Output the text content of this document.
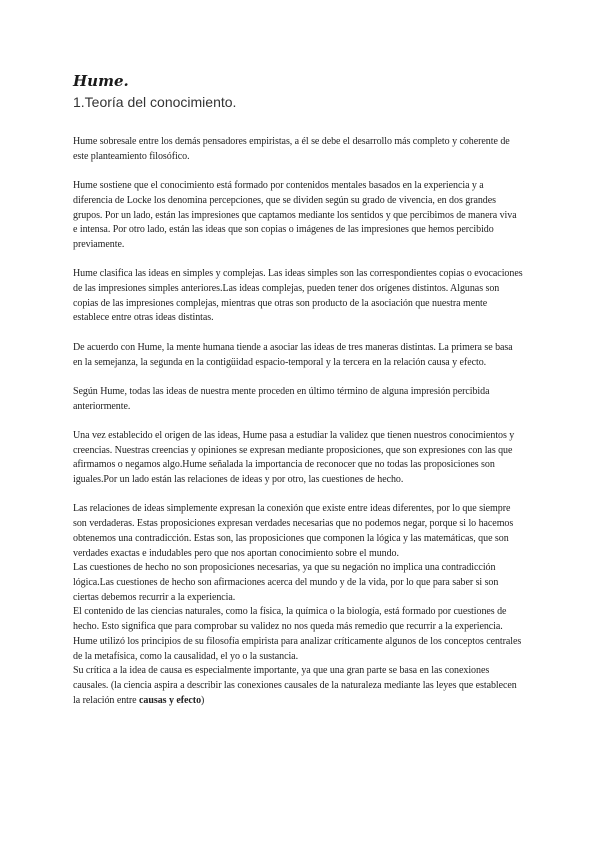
Hume.
1.Teoría del conocimiento.

Hume sobresale entre los demás pensadores empiristas, a él se debe el desarrollo más completo y coherente de este planteamiento filosófico.

Hume sostiene que el conocimiento está formado por contenidos mentales basados en la experiencia y a diferencia de Locke los denomina percepciones, que se dividen según su grado de vivencia, en dos grandes grupos. Por un lado, están las impresiones que captamos mediante los sentidos y que percibimos de manera viva e intensa. Por otro lado, están las ideas que son copias o imágenes de las impresiones que hemos percibido previamente.

Hume clasifica las ideas en simples y complejas. Las ideas simples son las correspondientes copias o evocaciones de las impresiones simples anteriores.Las ideas complejas, pueden tener dos orígenes distintos. Algunas son copias de las impresiones complejas, mientras que otras son producto de la asociación que nuestra mente establece entre otras ideas distintas.

De acuerdo con Hume, la mente humana tiende a asociar las ideas de tres maneras distintas. La primera se basa en la semejanza, la segunda en la contigüidad espacio-temporal y la tercera en la relación causa y efecto.

Según Hume, todas las ideas de nuestra mente proceden en último término de alguna impresión percibida anteriormente.

Una vez establecido el origen de las ideas, Hume pasa a estudiar la validez que tienen nuestros conocimientos y creencias. Nuestras creencias y opiniones se expresan mediante proposiciones, que son expresiones con las que afirmamos o negamos algo.Hume señalada la importancia de reconocer que no todas las proposiciones son iguales.Por un lado están las relaciones de ideas y por otro, las cuestiones de hecho.

Las relaciones de ideas simplemente expresan la conexión que existe entre ideas diferentes, por lo que siempre son verdaderas. Estas proposiciones expresan verdades necesarias que no podemos negar, porque si lo hacemos obtenemos una contradicción. Estas son, las proposiciones que componen la lógica y las matemáticas, que son verdades exactas e indudables pero que nos aportan conocimiento sobre el mundo.

Las cuestiones de hecho no son proposiciones necesarias, ya que su negación no implica una contradicción lógica.Las cuestiones de hecho son afirmaciones acerca del mundo y de la vida, por lo que para saber si son ciertas debemos recurrir a la experiencia.

El contenido de las ciencias naturales, como la física, la química o la biología, está formado por cuestiones de hecho. Esto significa que para comprobar su validez no nos queda más remedio que recurrir a la experiencia.

Hume utilizó los principios de su filosofía empirista para analizar críticamente algunos de los conceptos centrales de la metafísica, como la causalidad, el yo o la sustancia.

Su crítica a la idea de causa es especialmente importante, ya que una gran parte se basa en las conexiones causales. (la ciencia aspira a describir las conexiones causales de la naturaleza mediante las leyes que establecen la relación entre causas y efecto)
